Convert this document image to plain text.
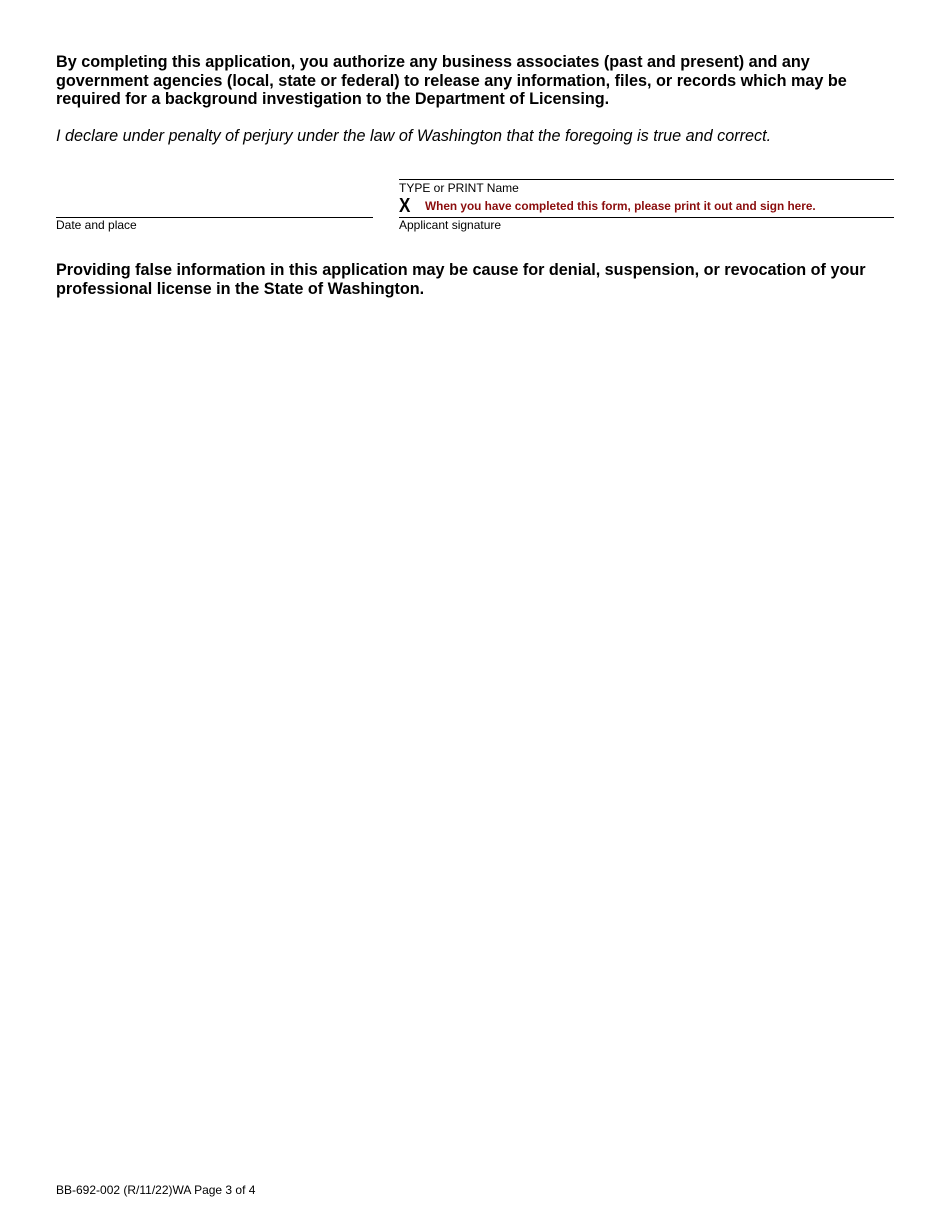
By completing this application, you authorize any business associates (past and present) and any government agencies (local, state or federal) to release any information, files, or records which may be required for a background investigation to the Department of Licensing.

I declare under penalty of perjury under the law of Washington that the foregoing is true and correct.

TYPE or PRINT Name
X When you have completed this form, please print it out and sign here.
Date and place	Applicant signature

Providing false information in this application may be cause for denial, suspension, or revocation of your professional license in the State of Washington.

BB-692-002 (R/11/22)WA Page 3 of 4
